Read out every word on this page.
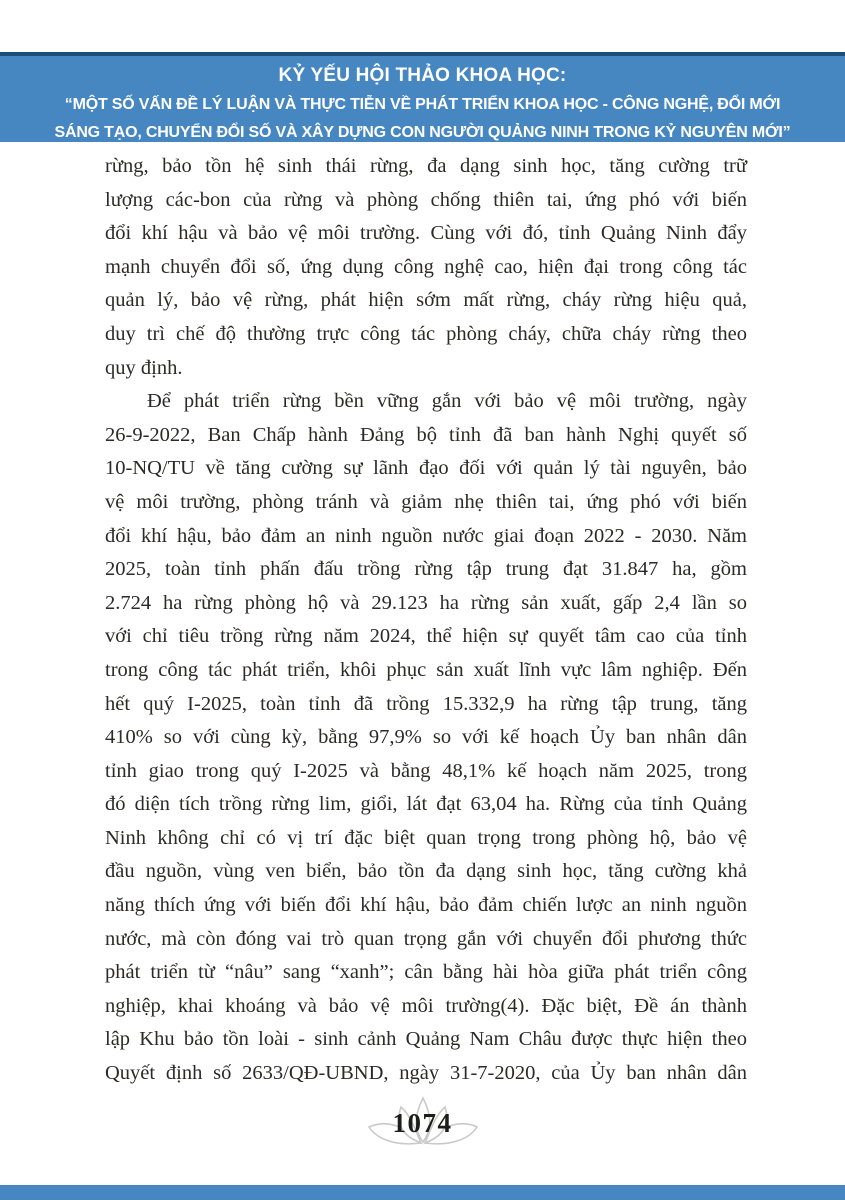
KỶ YẾU HỘI THẢO KHOA HỌC:
“MỘT SỐ VẤN ĐỀ LÝ LUẬN VÀ THỰC TIỄN VỀ PHÁT TRIỂN KHOA HỌC - CÔNG NGHỆ, ĐỔI MỚI
SÁNG TẠO, CHUYỂN ĐỔI SỐ VÀ XÂY DỰNG CON NGƯỜI QUẢNG NINH TRONG KỶ NGUYÊN MỚI”
rừng, bảo tồn hệ sinh thái rừng, đa dạng sinh học, tăng cường trữ
lượng các-bon của rừng và phòng chống thiên tai, ứng phó với biến
đổi khí hậu và bảo vệ môi trường. Cùng với đó, tỉnh Quảng Ninh đẩy
mạnh chuyển đổi số, ứng dụng công nghệ cao, hiện đại trong công tác
quản lý, bảo vệ rừng, phát hiện sớm mất rừng, cháy rừng hiệu quả,
duy trì chế độ thường trực công tác phòng cháy, chữa cháy rừng theo
quy định.
Để phát triển rừng bền vững gắn với bảo vệ môi trường, ngày
26-9-2022, Ban Chấp hành Đảng bộ tỉnh đã ban hành Nghị quyết số
10-NQ/TU về tăng cường sự lãnh đạo đối với quản lý tài nguyên, bảo
vệ môi trường, phòng tránh và giảm nhẹ thiên tai, ứng phó với biến
đổi khí hậu, bảo đảm an ninh nguồn nước giai đoạn 2022 - 2030. Năm
2025, toàn tỉnh phấn đấu trồng rừng tập trung đạt 31.847 ha, gồm
2.724 ha rừng phòng hộ và 29.123 ha rừng sản xuất, gấp 2,4 lần so
với chỉ tiêu trồng rừng năm 2024, thể hiện sự quyết tâm cao của tỉnh
trong công tác phát triển, khôi phục sản xuất lĩnh vực lâm nghiệp. Đến
hết quý I-2025, toàn tỉnh đã trồng 15.332,9 ha rừng tập trung, tăng
410% so với cùng kỳ, bằng 97,9% so với kế hoạch Ủy ban nhân dân
tỉnh giao trong quý I-2025 và bằng 48,1% kế hoạch năm 2025, trong
đó diện tích trồng rừng lim, giổi, lát đạt 63,04 ha. Rừng của tỉnh Quảng
Ninh không chỉ có vị trí đặc biệt quan trọng trong phòng hộ, bảo vệ
đầu nguồn, vùng ven biển, bảo tồn đa dạng sinh học, tăng cường khả
năng thích ứng với biến đổi khí hậu, bảo đảm chiến lược an ninh nguồn
nước, mà còn đóng vai trò quan trọng gắn với chuyển đổi phương thức
phát triển từ “nâu” sang “xanh”; cân bằng hài hòa giữa phát triển công
nghiệp, khai khoáng và bảo vệ môi trường(4). Đặc biệt, Đề án thành
lập Khu bảo tồn loài - sinh cảnh Quảng Nam Châu được thực hiện theo
Quyết định số 2633/QĐ-UBND, ngày 31-7-2020, của Ủy ban nhân dân
1074
